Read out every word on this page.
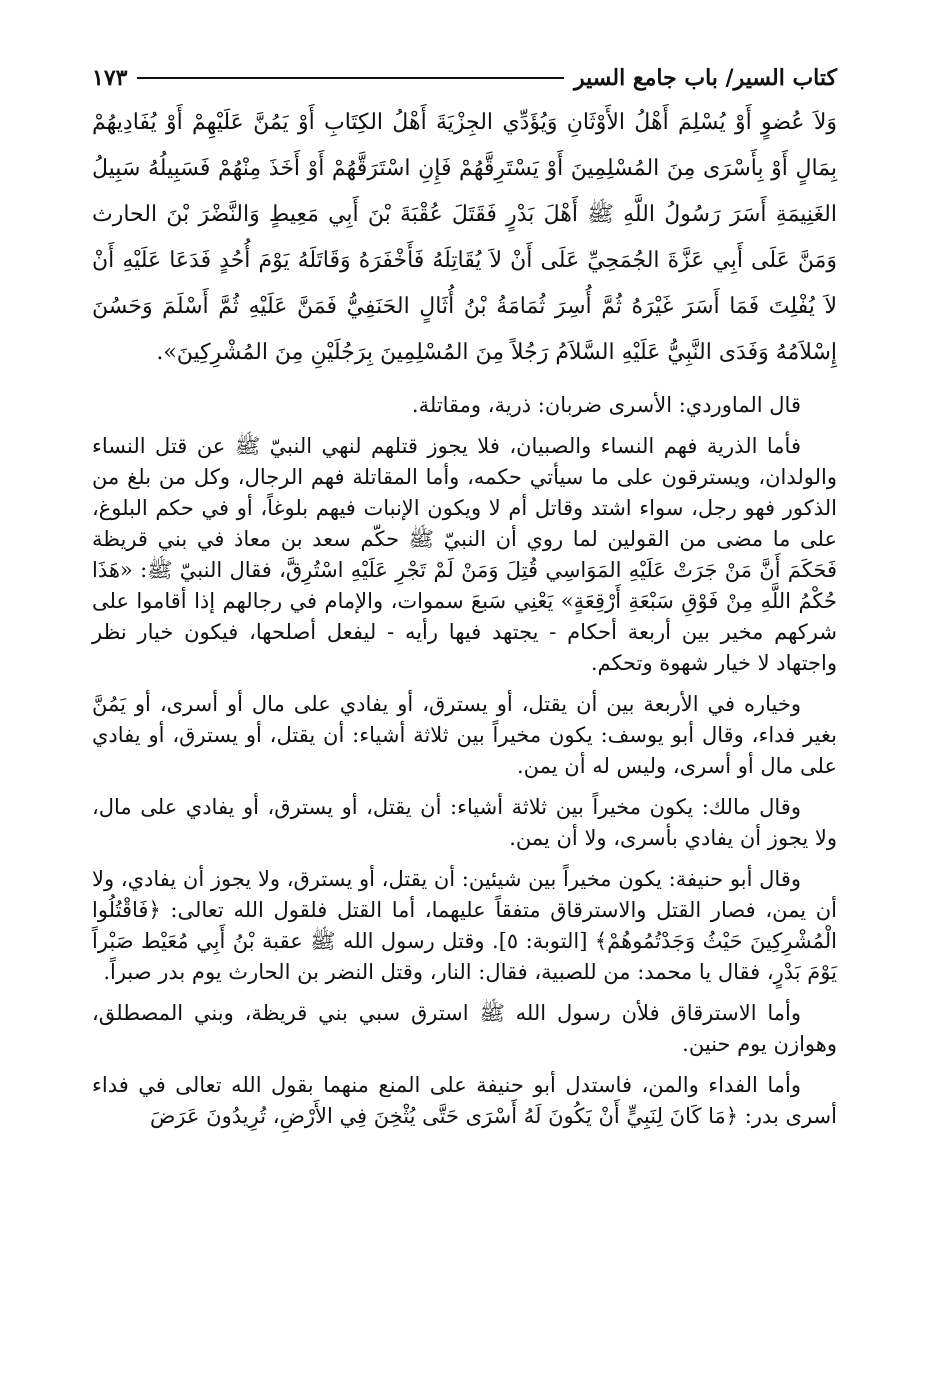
كتاب السير/ باب جامع السير
١٧٣

وَلاَ عُضوٍ أَوْ يُسْلِمَ أَهْلُ الأَوْثَانِ وَيُؤَدِّي الجِزْيَةَ أَهْلُ الكِتَابِ أَوْ يَمُنَّ عَلَيْهِمْ أَوْ يُفَادِيهُمْ بِمَالٍ أَوْ بِأَسْرَى مِنَ المُسْلِمِينَ أَوْ يَسْتَرِقَّهُمْ فَإِنِ اسْتَرَقَّهُمْ أَوْ أَخَذَ مِنْهُمْ فَسَبِيلُهُ سَبِيلُ الغَنِيمَةِ أَسَرَ رَسُولُ اللَّهِ ﷺ أَهْلَ بَدْرٍ فَقَتَلَ عُقْبَةَ بْنَ أَبِي مَعِيطٍ وَالنَّضْرَ بْنَ الحارث وَمَنَّ عَلَى أَبِي عَزَّةَ الجُمَحِيِّ عَلَى أَنْ لاَ يُقَاتِلَهُ فَأَخْفَرَهُ وَقَاتَلَهُ يَوْمَ أُحُدٍ فَدَعَا عَلَيْهِ أَنْ لاَ يُفْلِتَ فَمَا أَسَرَ غَيْرَهُ ثُمَّ أُسِرَ ثُمَامَةُ بْنُ أُثَالٍ الحَنَفِيُّ فَمَنَّ عَلَيْهِ ثُمَّ أَسْلَمَ وَحَسُنَ إِسْلاَمُهُ وَفَدَى النَّبِيُّ عَلَيْهِ السَّلاَمُ رَجُلاً مِنَ المُسْلِمِينَ بِرَجُلَيْنِ مِنَ المُشْرِكِينَ».

قال الماوردي: الأسرى ضربان: ذرية، ومقاتلة.

فأما الذرية فهم النساء والصبيان، فلا يجوز قتلهم لنهي النبيّ ﷺ عن قتل النساء والولدان، ويسترقون على ما سيأتي حكمه، وأما المقاتلة فهم الرجال، وكل من بلغ من الذكور فهو رجل، سواء اشتد وقاتل أم لا ويكون الإنبات فيهم بلوغاً، أو في حكم البلوغ، على ما مضى من القولين لما روي أن النبيّ ﷺ حكّم سعد بن معاذ في بني قريظة فَحَكَمَ أَنَّ مَنْ جَرَتْ عَلَيْهِ المَوَاسِي قُتِلَ وَمَنْ لَمْ تَجْرِ عَلَيْهِ اسْتُرِقَّ، فقال النبيّ ﷺ: «هَذَا حُكْمُ اللَّهِ مِنْ فَوْقِ سَبْعَةِ أَرْقِعَةٍ» يَعْنِي سَبعَ سموات، والإمام في رجالهم إذا أقاموا على شركهم مخير بين أربعة أحكام - يجتهد فيها رأيه - ليفعل أصلحها، فيكون خيار نظر واجتهاد لا خيار شهوة وتحكم.

وخياره في الأربعة بين أن يقتل، أو يسترق، أو يفادي على مال أو أسرى، أو يَمُنَّ بغير فداء، وقال أبو يوسف: يكون مخيراً بين ثلاثة أشياء: أن يقتل، أو يسترق، أو يفادي على مال أو أسرى، وليس له أن يمن.

وقال مالك: يكون مخيراً بين ثلاثة أشياء: أن يقتل، أو يسترق، أو يفادي على مال، ولا يجوز أن يفادي بأسرى، ولا أن يمن.

وقال أبو حنيفة: يكون مخيراً بين شيئين: أن يقتل، أو يسترق، ولا يجوز أن يفادي، ولا أن يمن، فصار القتل والاسترقاق متفقاً عليهما، أما القتل فلقول الله تعالى: ﴿فَاقْتُلُوا الْمُشْرِكِينَ حَيْثُ وَجَدْتُمُوهُمْ﴾ [التوبة: ٥]. وقتل رسول الله ﷺ عقبة بْنُ أَبِي مُعَيْط صَبْراً يَوْمَ بَدْرٍ، فقال يا محمد: من للصبية، فقال: النار، وقتل النضر بن الحارث يوم بدر صبراً.

وأما الاسترقاق فلأن رسول الله ﷺ استرق سبي بني قريظة، وبني المصطلق، وهوازن يوم حنين.

وأما الفداء والمن، فاستدل أبو حنيفة على المنع منهما بقول الله تعالى في فداء أسرى بدر: ﴿مَا كَانَ لِنَبِيٍّ أَنْ يَكُونَ لَهُ أَسْرَى حَتَّى يُثْخِنَ فِي الأَرْضِ، تُرِيدُونَ عَرَضَ
